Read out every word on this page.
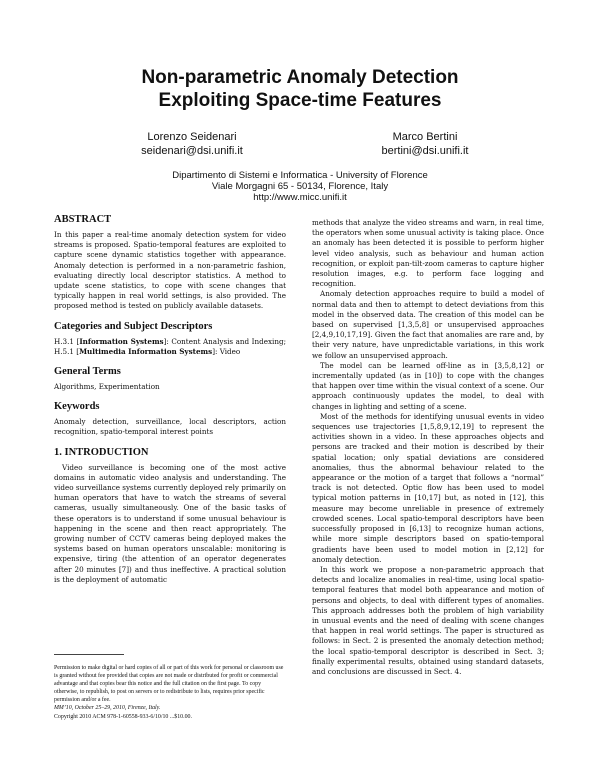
Non-parametric Anomaly Detection
Exploiting Space-time Features
Lorenzo Seidenari
seidenari@dsi.unifi.it
Marco Bertini
bertini@dsi.unifi.it
Dipartimento di Sistemi e Informatica - University of Florence
Viale Morgagni 65 - 50134, Florence, Italy
http://www.micc.unifi.it
ABSTRACT

In this paper a real-time anomaly detection system for video streams is proposed. Spatio-temporal features are exploited to capture scene dynamic statistics together with appearance. Anomaly detection is performed in a non-parametric fashion, evaluating directly local descriptor statistics. A method to update scene statistics, to cope with scene changes that typically happen in real world settings, is also provided. The proposed method is tested on publicly available datasets.

Categories and Subject Descriptors

H.3.1 [Information Systems]: Content Analysis and Indexing; H.5.1 [Multimedia Information Systems]: Video

General Terms

Algorithms, Experimentation

Keywords

Anomaly detection, surveillance, local descriptors, action recognition, spatio-temporal interest points

1. INTRODUCTION

Video surveillance is becoming one of the most active domains in automatic video analysis and understanding. The video surveillance systems currently deployed rely primarily on human operators that have to watch the streams of several cameras, usually simultaneously. One of the basic tasks of these operators is to understand if some unusual behaviour is happening in the scene and then react appropriately. The growing number of CCTV cameras being deployed makes the systems based on human operators unscalable: monitoring is expensive, tiring (the attention of an operator degenerates after 20 minutes [7]) and thus ineffective. A practical solution is the deployment of automatic

Permission to make digital or hard copies of all or part of this work for personal or classroom use is granted without fee provided that copies are not made or distributed for profit or commercial advantage and that copies bear this notice and the full citation on the first page. To copy otherwise, to republish, to post on servers or to redistribute to lists, requires prior specific permission and/or a fee.

MM’10, October 25–29, 2010, Firenze, Italy.

Copyright 2010 ACM 978-1-60558-933-6/10/10 ...$10.00.

methods that analyze the video streams and warn, in real time, the operators when some unusual activity is taking place. Once an anomaly has been detected it is possible to perform higher level video analysis, such as behaviour and human action recognition, or exploit pan-tilt-zoom cameras to capture higher resolution images, e.g. to perform face logging and recognition.

Anomaly detection approaches require to build a model of normal data and then to attempt to detect deviations from this model in the observed data. The creation of this model can be based on supervised [1,3,5,8] or unsupervised approaches [2,4,9,10,17,19]. Given the fact that anomalies are rare and, by their very nature, have unpredictable variations, in this work we follow an unsupervised approach.

The model can be learned off-line as in [3,5,8,12] or incrementally updated (as in [10]) to cope with the changes that happen over time within the visual context of a scene. Our approach continuously updates the model, to deal with changes in lighting and setting of a scene.

Most of the methods for identifying unusual events in video sequences use trajectories [1,5,8,9,12,19] to represent the activities shown in a video. In these approaches objects and persons are tracked and their motion is described by their spatial location; only spatial deviations are considered anomalies, thus the abnormal behaviour related to the appearance or the motion of a target that follows a “normal” track is not detected. Optic flow has been used to model typical motion patterns in [10,17] but, as noted in [12], this measure may become unreliable in presence of extremely crowded scenes. Local spatio-temporal descriptors have been successfully proposed in [6,13] to recognize human actions, while more simple descriptors based on spatio-temporal gradients have been used to model motion in [2,12] for anomaly detection.

In this work we propose a non-parametric approach that detects and localize anomalies in real-time, using local spatio-temporal features that model both appearance and motion of persons and objects, to deal with different types of anomalies. This approach addresses both the problem of high variability in unusual events and the need of dealing with scene changes that happen in real world settings. The paper is structured as follows: in Sect. 2 is presented the anomaly detection method; the local spatio-temporal descriptor is described in Sect. 3; finally experimental results, obtained using standard datasets, and conclusions are discussed in Sect. 4.
